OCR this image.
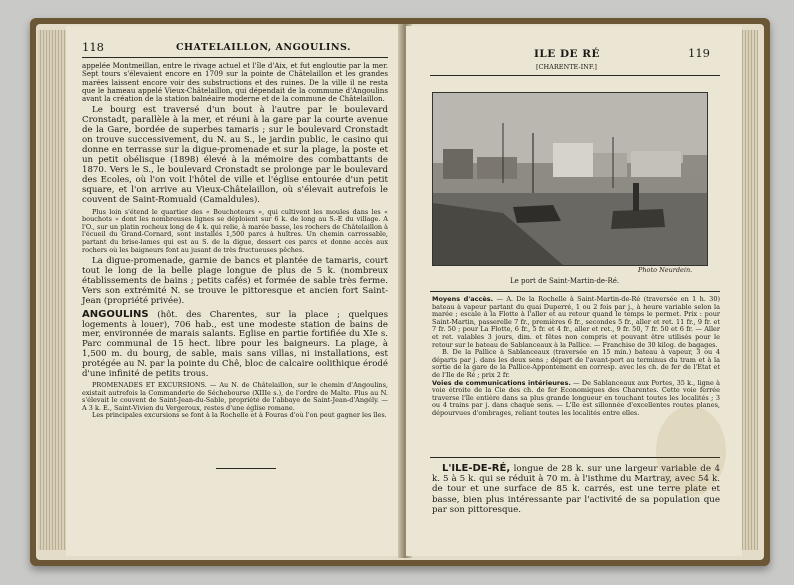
118	CHATELAILLON, ANGOULINS.

appelée Montmeillan, entre le rivage actuel et l'île d'Aix, et fut engloutie par la mer. Sept tours s'élevaient encore en 1709 sur la pointe de Châtelaillon et les grandes marées laissent encore voir des substructions et des ruines. De la ville il ne resta que le hameau appelé Vieux-Châtelaillon, qui dépendait de la commune d'Angoulins avant la création de la station balnéaire moderne et de la commune de Châtelaillon.

Le bourg est traversé d'un bout à l'autre par le boulevard Cronstadt, parallèle à la mer, et réuni à la gare par la courte avenue de la Gare, bordée de superbes tamaris ; sur le boulevard Cronstadt on trouve successivement, du N. au S., le jardin public, le casino qui donne en terrasse sur la digue-promenade et sur la plage, la poste et un petit obélisque (1898) élevé à la mémoire des combattants de 1870. Vers le S., le boulevard Cronstadt se prolonge par le boulevard des Ecoles, où l'on voit l'hôtel de ville et l'église entourée d'un petit square, et l'on arrive au Vieux-Châtelaillon, où s'élevait autrefois le couvent de Saint-Romuald (Camaldules).

Plus loin s'étend le quartier des « Bouchoteurs », qui cultivent les moules dans les « bouchots » dont les nombreuses lignes se déploient sur 6 k. de long au S.-E du village. A l'O., sur un platin rocheux long de 4 k. qui relie, à marée basse, les rochers de Châtelaillon à l'écueil du Grand-Cornard, sont installés 1,500 parcs à huîtres. Un chemin carrossable, partant du brise-lames qui est au S. de la digue, dessert ces parcs et donne accès aux rochers où les baigneurs font au jusant de très fructueuses pêches.

La digue-promenade, garnie de bancs et plantée de tamaris, court tout le long de la belle plage longue de plus de 5 k. (nombreux établissements de bains ; petits cafés) et formée de sable très ferme. Vers son extrémité N. se trouve le pittoresque et ancien fort Saint-Jean (propriété privée).

ANGOULINS (hôt. des Charentes, sur la place ; quelques logements à louer), 706 hab., est une modeste station de bains de mer, environnée de marais salants. Eglise en partie fortifiée du XIe s. Parc communal de 15 hect. libre pour les baigneurs. La plage, à 1,500 m. du bourg, de sable, mais sans villas, ni installations, est protégée au N. par la pointe du Chê, bloc de calcaire oolithique érodé d'une infinité de petits trous.

PROMENADES ET EXCURSIONS. — Au N. de Châtelaillon, sur le chemin d'Angoulins, existait autrefois la Commanderie de Séchebourse (XIIIe s.), de l'ordre de Malte. Plus au N. s'élevait le couvent de Saint-Jean-du-Sable, propriété de l'abbaye de Saint-Jean-d'Angély. — A 3 k. E., Saint-Vivien du Vergeroux, restes d'une église romane.

Les principales excursions se font à la Rochelle et à Fouras d'où l'on peut gagner les îles.

ILE DE RÉ	119
[CHARENTE-INF.]
Photo Neurdein.
Le port de Saint-Martin-de-Ré.

Moyens d'accès. — A. De la Rochelle à Saint-Martin-de-Ré (traversée en 1 h. 30) bateau à vapeur partant du quai Duperré, 1 ou 2 fois par j., à heure variable selon la marée ; escale à la Flotte à l'aller et au retour quand le temps le permet. Prix : pour Saint-Martin, passerelle 7 fr., premières 6 fr., secondes 5 fr., aller et ret. 11 fr., 9 fr. et 7 fr. 50 ; pour La Flotte, 6 fr., 5 fr. et 4 fr., aller et ret., 9 fr. 50, 7 fr. 50 et 6 fr. — Aller et ret. valables 3 jours, dim. et fêtes non compris et pouvant être utilisés pour le retour sur le bateau de Sablanceaux à la Pallice. — Franchise de 30 kilog. de bagages.

B. De la Pallice à Sablanceaux (traversée en 15 min.) bateau à vapeur, 3 ou 4 départs par j. dans les deux sens ; départ de l'avant-port au terminus du tram et à la sortie de la gare de la Pallice-Appontement en corresp. avec les ch. de fer de l'Etat et de l'Ile de Ré ; prix 2 fr.

Voies de communications intérieures. — De Sablanceaux aux Portes, 35 k., ligne à voie étroite de la Cie des ch. de fer Economiques des Charentes. Cette voie ferrée traverse l'île entière dans sa plus grande longueur en touchant toutes les localités ; 3 ou 4 trains par j. dans chaque sens. — L'île est sillonnée d'excellentes routes planes, dépourvues d'ombrages, reliant toutes les localités entre elles.

L'ILE-DE-RÉ, longue de 28 k. sur une largeur variable de 4 k. 5 à 5 k. qui se réduit à 70 m. à l'isthme du Martray, avec 54 k. de tour et une surface de 85 k. carrés, est une terre plate et basse, bien plus intéressante par l'activité de sa population que par son pittoresque.
